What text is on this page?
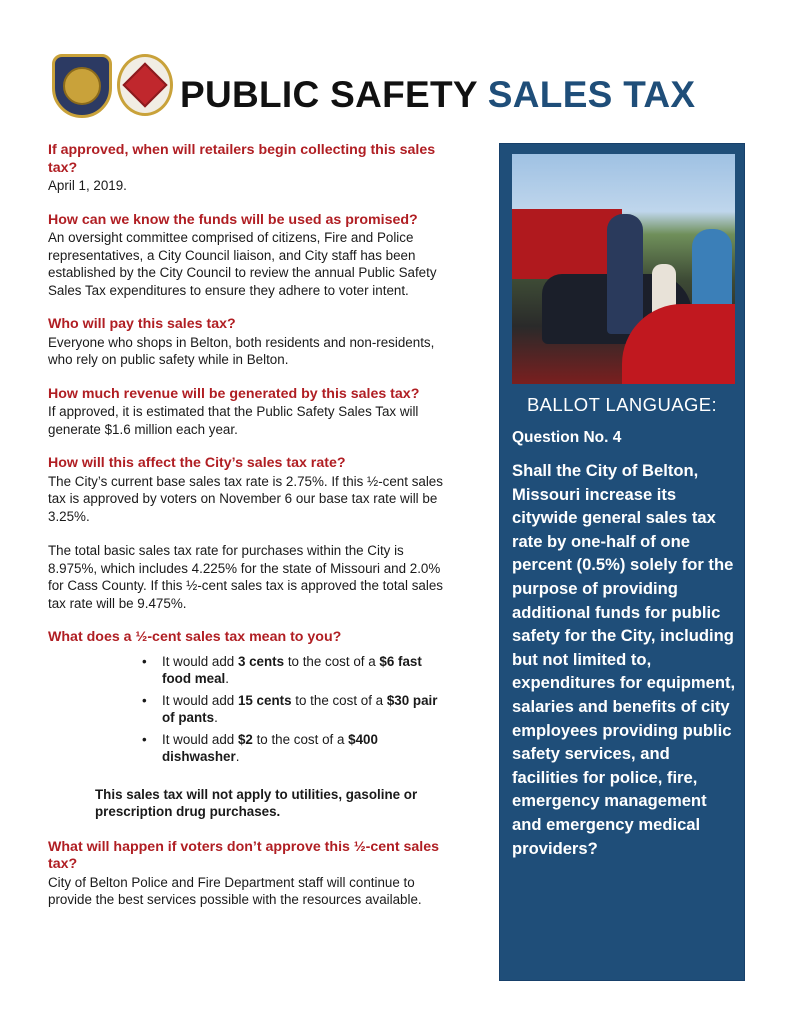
PUBLIC SAFETY SALES TAX

If approved, when will retailers begin collecting this sales tax?

April 1, 2019.

How can we know the funds will be used as promised?

An oversight committee comprised of citizens, Fire and Police representatives, a City Council liaison, and City staff has been established by the City Council to review the annual Public Safety Sales Tax expenditures to ensure they adhere to voter intent.

Who will pay this sales tax?

Everyone who shops in Belton, both residents and non-residents, who rely on public safety while in Belton.

How much revenue will be generated by this sales tax?

If approved, it is estimated that the Public Safety Sales Tax will generate $1.6 million each year.

How will this affect the City’s sales tax rate?

The City’s current base sales tax rate is 2.75%. If this ½-cent sales tax is approved by voters on November 6 our base tax rate will be 3.25%.

The total basic sales tax rate for purchases within the City is 8.975%, which includes 4.225% for the state of Missouri and 2.0% for Cass County. If this ½-cent sales tax is approved the total sales tax rate will be 9.475%.

What does a ½-cent sales tax mean to you?

• It would add 3 cents to the cost of a $6 fast food meal.
• It would add 15 cents to the cost of a $30 pair of pants.
• It would add $2 to the cost of a $400 dishwasher.

This sales tax will not apply to utilities, gasoline or prescription drug purchases.

What will happen if voters don’t approve this ½-cent sales tax?

City of Belton Police and Fire Department staff will continue to provide the best services possible with the resources available.

BALLOT LANGUAGE:
Question No. 4
Shall the City of Belton, Missouri increase its citywide general sales tax rate by one-half of one percent (0.5%) solely for the purpose of providing additional funds for public safety for the City, including but not limited to, expenditures for equipment, salaries and benefits of city employees providing public safety services, and facilities for police, fire, emergency management and emergency medical providers?
